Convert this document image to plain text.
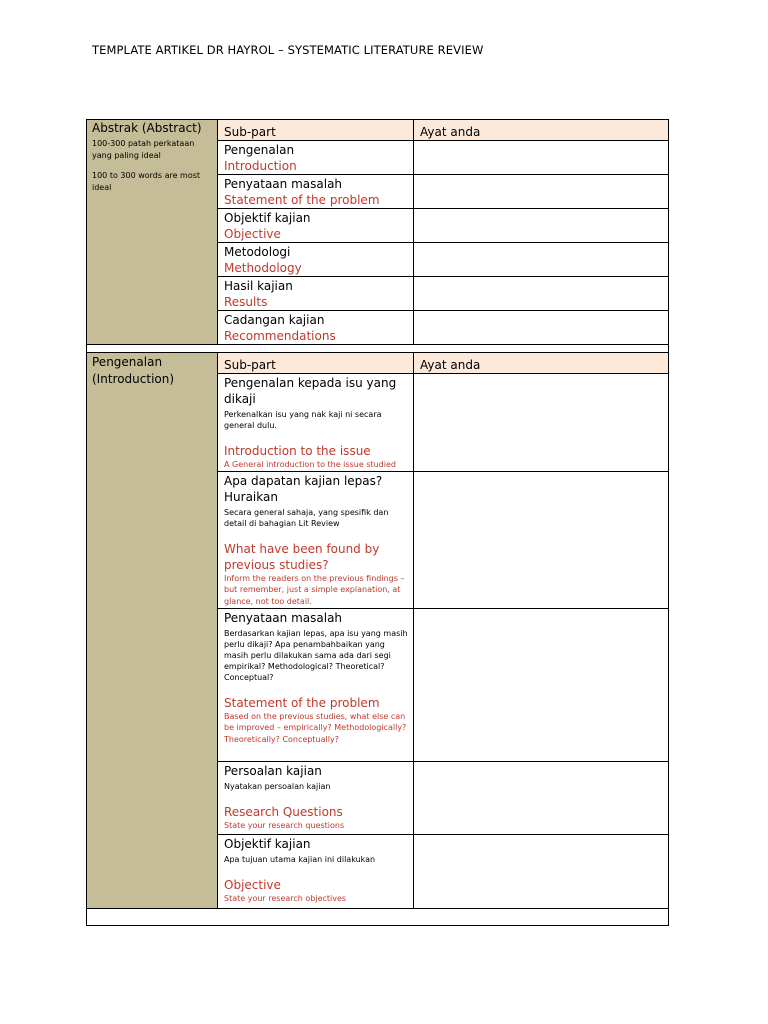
TEMPLATE ARTIKEL DR HAYROL – SYSTEMATIC LITERATURE REVIEW
Abstrak (Abstract)
100-300 patah perkataan yang paling ideal
100 to 300 words are most ideal	Sub-part	Ayat anda

	Pengenalan
Introduction	

	Penyataan masalah
Statement of the problem	

	Objektif kajian
Objective	

	Metodologi
Methodology	

	Hasil kajian
Results	

	Cadangan kajian
Recommendations	

Pengenalan (Introduction)	Sub-part	Ayat anda

	Pengenalan kepada isu yang dikaji
Perkenalkan isu yang nak kaji ni secara general dulu.
Introduction to the issue
A General introduction to the issue studied	

	Apa dapatan kajian lepas? Huraikan
Secara general sahaja, yang spesifik dan detail di bahagian Lit Review
What have been found by previous studies?
Inform the readers on the previous findings – but remember, just a simple explanation, at glance, not too detail.	

	Penyataan masalah
Berdasarkan kajian lepas, apa isu yang masih perlu dikaji? Apa penambahbaikan yang masih perlu dilakukan sama ada dari segi empirikal? Methodological? Theoretical? Conceptual?
Statement of the problem
Based on the previous studies, what else can be improved – empirically? Methodologically? Theoretically? Conceptually?	

	Persoalan kajian
Nyatakan persoalan kajian
Research Questions
State your research questions	

	Objektif kajian
Apa tujuan utama kajian ini dilakukan
Objective
State your research objectives	
